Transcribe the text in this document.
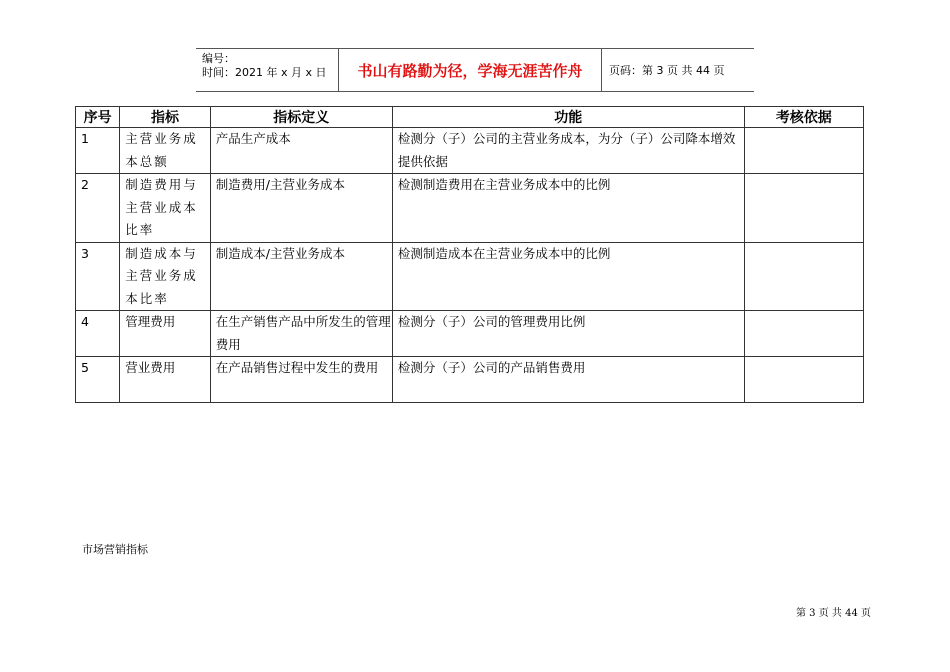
编号：
时间：2021 年 x 月 x 日	书山有路勤为径，学海无涯苦作舟	页码：第 3 页 共 44 页
序号	指标	指标定义	功能	考核依据
1	主营业务成本总额	产品生产成本	检测分（子）公司的主营业务成本，为分（子）公司降本增效提供依据	
2	制造费用与主营业成本比率	制造费用/主营业务成本	检测制造费用在主营业务成本中的比例	
3	制造成本与主营业务成本比率	制造成本/主营业务成本	检测制造成本在主营业务成本中的比例	
4	管理费用	在生产销售产品中所发生的管理费用	检测分（子）公司的管理费用比例	
5	营业费用	在产品销售过程中发生的费用	检测分（子）公司的产品销售费用	
市场营销指标
第 3 页 共 44 页
